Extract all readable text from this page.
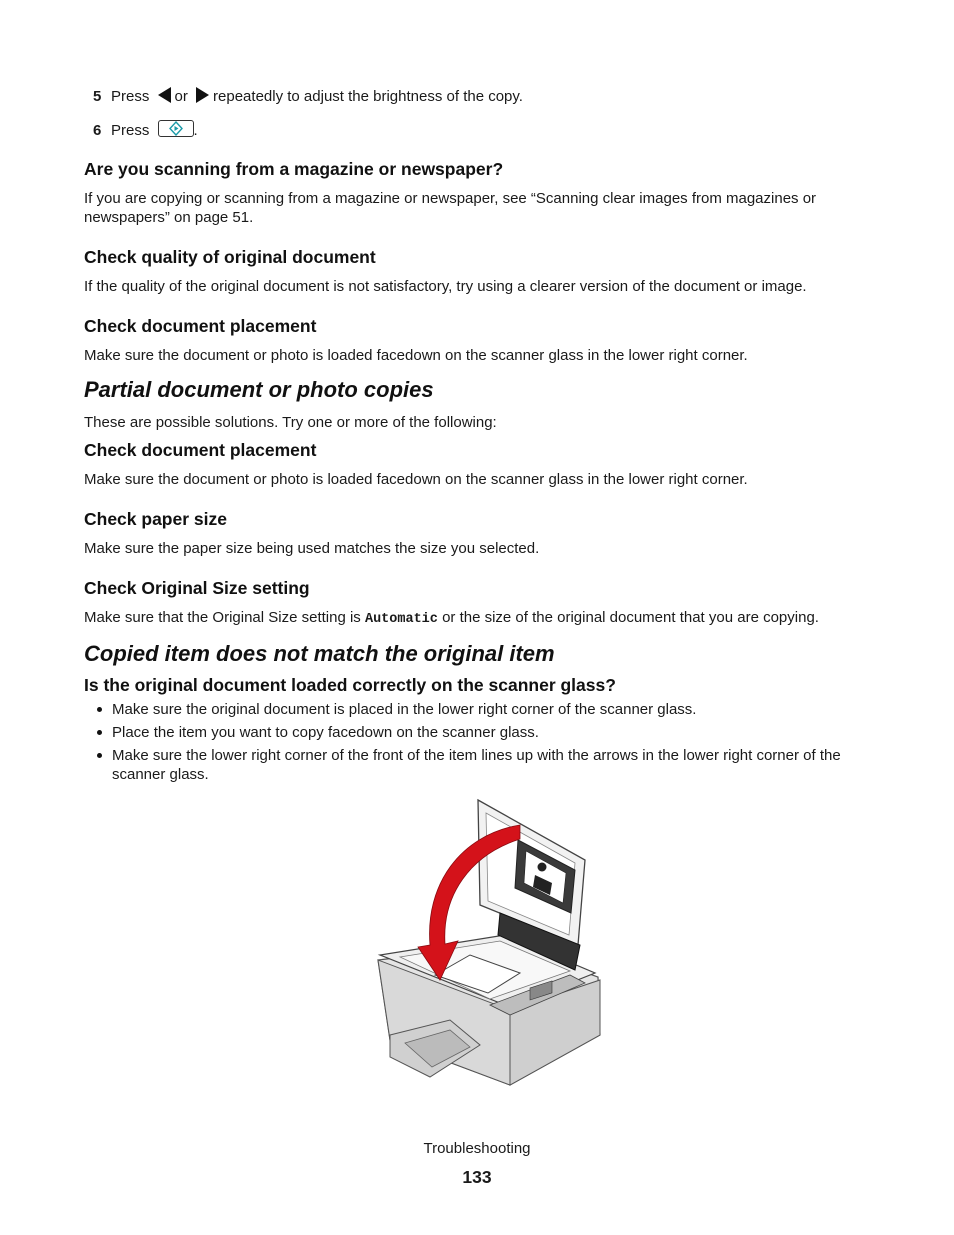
5 Press or repeatedly to adjust the brightness of the copy.
6 Press	.
Are you scanning from a magazine or newspaper?
If you are copying or scanning from a magazine or newspaper, see “Scanning clear images from magazines or newspapers” on page 51.
Check quality of original document
If the quality of the original document is not satisfactory, try using a clearer version of the document or image.
Check document placement
Make sure the document or photo is loaded facedown on the scanner glass in the lower right corner.
Partial document or photo copies
These are possible solutions. Try one or more of the following:
Check document placement
Make sure the document or photo is loaded facedown on the scanner glass in the lower right corner.
Check paper size
Make sure the paper size being used matches the size you selected.
Check Original Size setting
Make sure that the Original Size setting is Automatic or the size of the original document that you are copying.
Copied item does not match the original item
Is the original document loaded correctly on the scanner glass?
Make sure the original document is placed in the lower right corner of the scanner glass.
Place the item you want to copy facedown on the scanner glass.
Make sure the lower right corner of the front of the item lines up with the arrows in the lower right corner of the scanner glass.
Troubleshooting
133
